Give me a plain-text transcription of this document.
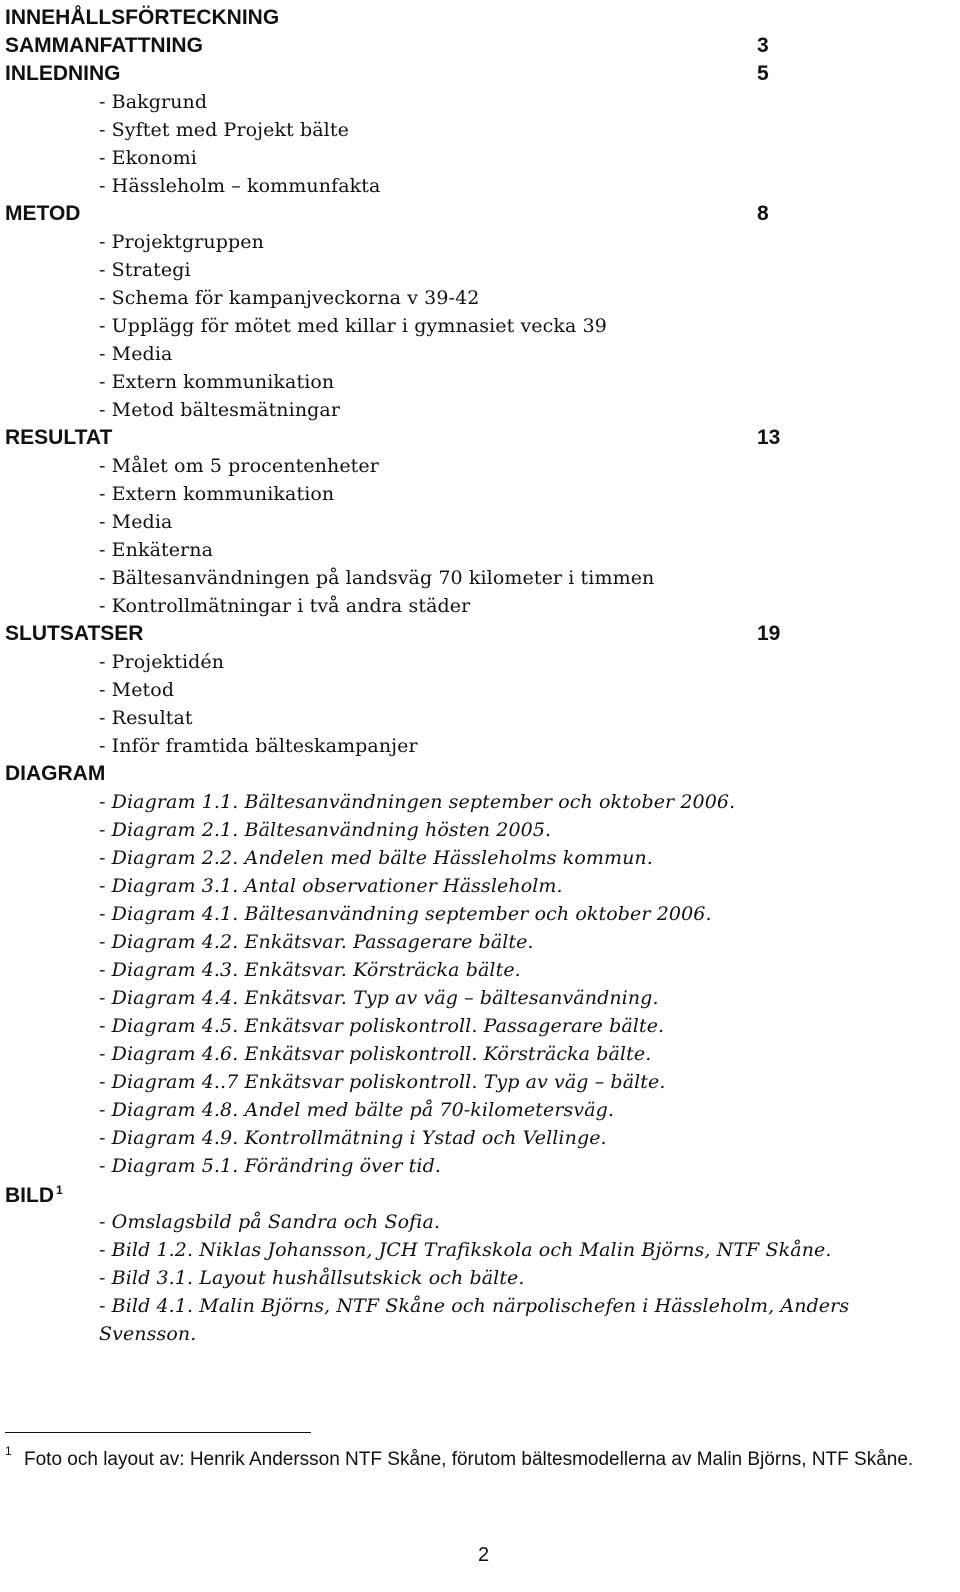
INNEHÅLLSFÖRTECKNING
SAMMANFATTNING	3
INLEDNING	5
- Bakgrund
- Syftet med Projekt bälte
- Ekonomi
- Hässleholm – kommunfakta
METOD	8
- Projektgruppen
- Strategi
- Schema för kampanjveckorna v 39-42
- Upplägg för mötet med killar i gymnasiet vecka 39
- Media
- Extern kommunikation
- Metod bältesmätningar
RESULTAT	13
- Målet om 5 procentenheter
- Extern kommunikation
- Media
- Enkäterna
- Bältesanvändningen på landsväg 70 kilometer i timmen
- Kontrollmätningar i två andra städer
SLUTSATSER	19
- Projektidén
- Metod
- Resultat
- Inför framtida bälteskampanjer
DIAGRAM
- Diagram 1.1. Bältesanvändningen september och oktober 2006.
- Diagram 2.1. Bältesanvändning hösten 2005.
- Diagram 2.2. Andelen med bälte Hässleholms kommun.
- Diagram 3.1. Antal observationer Hässleholm.
- Diagram 4.1. Bältesanvändning september och oktober 2006.
- Diagram 4.2. Enkätsvar. Passagerare bälte.
- Diagram 4.3. Enkätsvar. Körsträcka bälte.
- Diagram 4.4. Enkätsvar. Typ av väg – bältesanvändning.
- Diagram 4.5. Enkätsvar poliskontroll. Passagerare bälte.
- Diagram 4.6. Enkätsvar poliskontroll. Körsträcka bälte.
- Diagram 4..7 Enkätsvar poliskontroll. Typ av väg – bälte.
- Diagram 4.8. Andel med bälte på 70-kilometersväg.
- Diagram 4.9. Kontrollmätning i Ystad och Vellinge.
- Diagram 5.1. Förändring över tid.
BILD $^1$
- Omslagsbild på Sandra och Sofia.
- Bild 1.2. Niklas Johansson, JCH Trafikskola och Malin Björns, NTF Skåne.
- Bild 3.1. Layout hushållsutskick och bälte.
- Bild 4.1. Malin Björns, NTF Skåne och närpolischefen i Hässleholm, Anders
Svensson.
1 Foto och layout av: Henrik Andersson NTF Skåne, förutom bältesmodellerna av Malin Björns, NTF Skåne.
2
